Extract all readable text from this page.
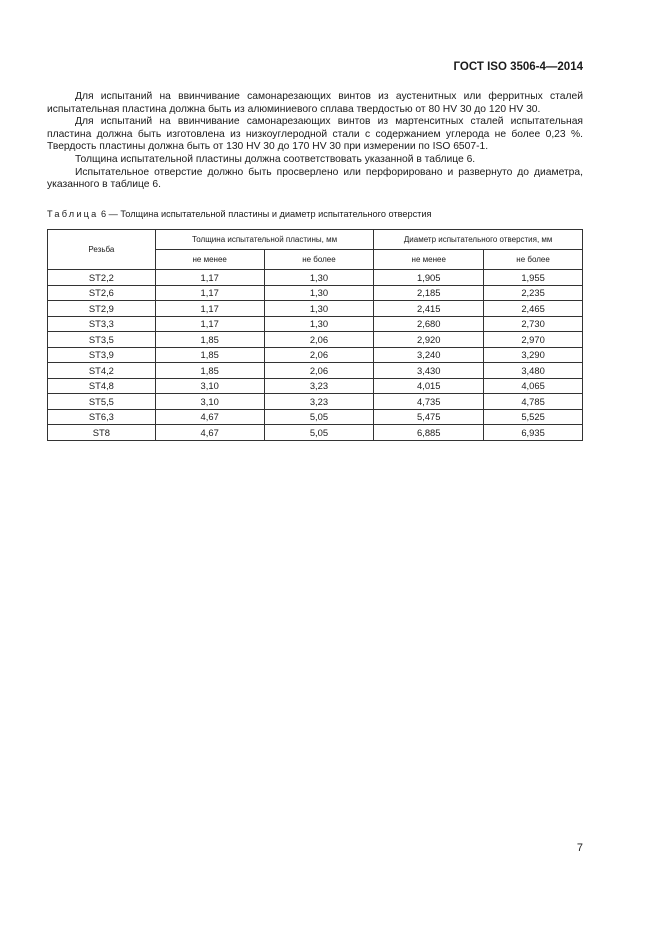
ГОСТ ISO 3506-4—2014

Для испытаний на ввинчивание самонарезающих винтов из аустенитных или ферритных сталей испытательная пластина должна быть из алюминиевого сплава твердостью от 80 HV 30 до 120 HV 30.

Для испытаний на ввинчивание самонарезающих винтов из мартенситных сталей испытательная пластина должна быть изготовлена из низкоуглеродной стали с содержанием углерода не более 0,23 %. Твердость пластины должна быть от 130 HV 30 до 170 HV 30 при измерении по ISO 6507-1.

Толщина испытательной пластины должна соответствовать указанной в таблице 6.

Испытательное отверстие должно быть просверлено или перфорировано и развернуто до диаметра, указанного в таблице 6.

Таблица 6 — Толщина испытательной пластины и диаметр испытательного отверстия
Резьба	Толщина испытательной пластины, мм		Диаметр испытательного отверстия, мм	
	не менее	не более	не менее	не более
ST2,2	1,17	1,30	1,905	1,955
ST2,6	1,17	1,30	2,185	2,235
ST2,9	1,17	1,30	2,415	2,465
ST3,3	1,17	1,30	2,680	2,730
ST3,5	1,85	2,06	2,920	2,970
ST3,9	1,85	2,06	3,240	3,290
ST4,2	1,85	2,06	3,430	3,480
ST4,8	3,10	3,23	4,015	4,065
ST5,5	3,10	3,23	4,735	4,785
ST6,3	4,67	5,05	5,475	5,525
ST8	4,67	5,05	6,885	6,935
7
